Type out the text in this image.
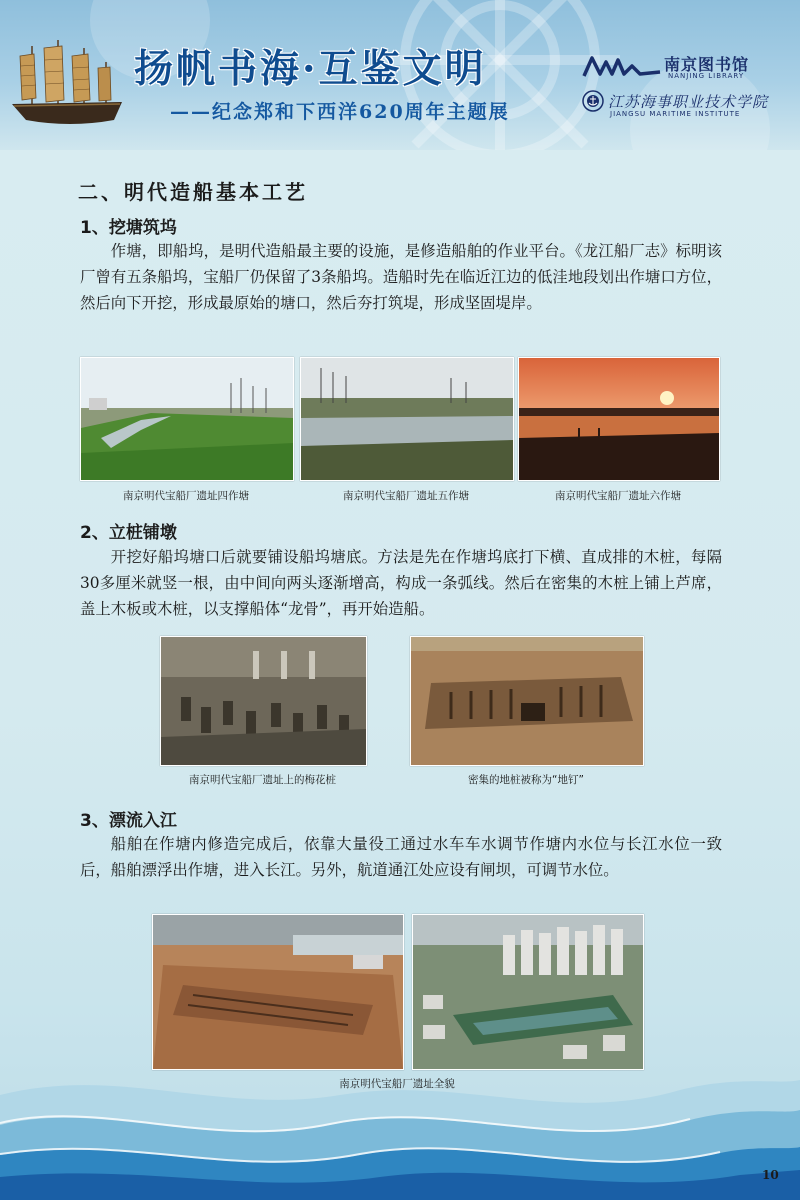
扬帆书海·互鉴文明
——纪念郑和下西洋620周年主题展
南京图书馆
NANJING LIBRARY
江苏海事职业技术学院
JIANGSU MARITIME INSTITUTE
二、明代造船基本工艺
1、挖塘筑坞

作塘，即船坞，是明代造船最主要的设施，是修造船舶的作业平台。《龙江船厂志》标明该厂曾有五条船坞，宝船厂仍保留了3条船坞。造船时先在临近江边的低洼地段划出作塘口方位，然后向下开挖，形成最原始的塘口，然后夯打筑堤，形成坚固堤岸。

南京明代宝船厂遗址四作塘	南京明代宝船厂遗址五作塘	南京明代宝船厂遗址六作塘
2、立桩铺墩

开挖好船坞塘口后就要铺设船坞塘底。方法是先在作塘坞底打下横、直成排的木桩，每隔30多厘米就竖一根，由中间向两头逐渐增高，构成一条弧线。然后在密集的木桩上铺上芦席，盖上木板或木桩，以支撑船体“龙骨”，再开始造船。

南京明代宝船厂遗址上的梅花桩	密集的地桩被称为“地钉”
3、漂流入江

船舶在作塘内修造完成后，依靠大量役工通过水车车水调节作塘内水位与长江水位一致后，船舶漂浮出作塘，进入长江。另外，航道通江处应设有闸坝，可调节水位。

南京明代宝船厂遗址全貌
10
